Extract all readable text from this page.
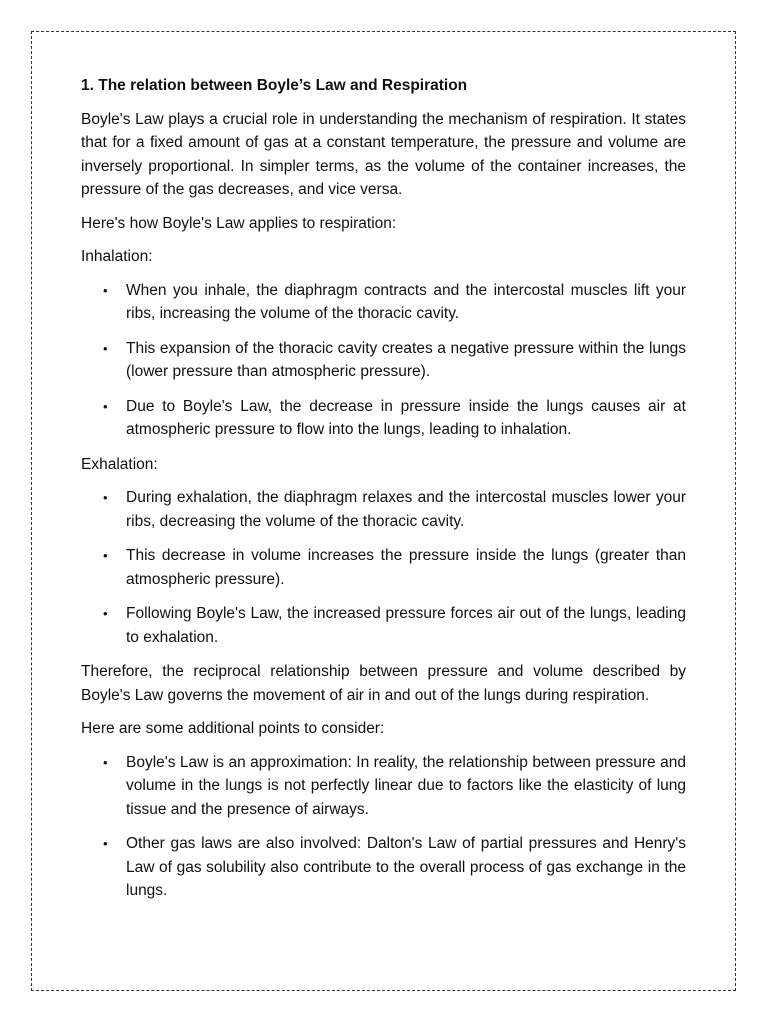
1. The relation between Boyle’s Law and Respiration

Boyle's Law plays a crucial role in understanding the mechanism of respiration. It states that for a fixed amount of gas at a constant temperature, the pressure and volume are inversely proportional. In simpler terms, as the volume of the container increases, the pressure of the gas decreases, and vice versa.

Here's how Boyle's Law applies to respiration:

Inhalation:

• When you inhale, the diaphragm contracts and the intercostal muscles lift your ribs, increasing the volume of the thoracic cavity.
• This expansion of the thoracic cavity creates a negative pressure within the lungs (lower pressure than atmospheric pressure).
• Due to Boyle's Law, the decrease in pressure inside the lungs causes air at atmospheric pressure to flow into the lungs, leading to inhalation.

Exhalation:

• During exhalation, the diaphragm relaxes and the intercostal muscles lower your ribs, decreasing the volume of the thoracic cavity.
• This decrease in volume increases the pressure inside the lungs (greater than atmospheric pressure).
• Following Boyle's Law, the increased pressure forces air out of the lungs, leading to exhalation.

Therefore, the reciprocal relationship between pressure and volume described by Boyle's Law governs the movement of air in and out of the lungs during respiration.

Here are some additional points to consider:

• Boyle's Law is an approximation: In reality, the relationship between pressure and volume in the lungs is not perfectly linear due to factors like the elasticity of lung tissue and the presence of airways.
• Other gas laws are also involved: Dalton's Law of partial pressures and Henry's Law of gas solubility also contribute to the overall process of gas exchange in the lungs.
